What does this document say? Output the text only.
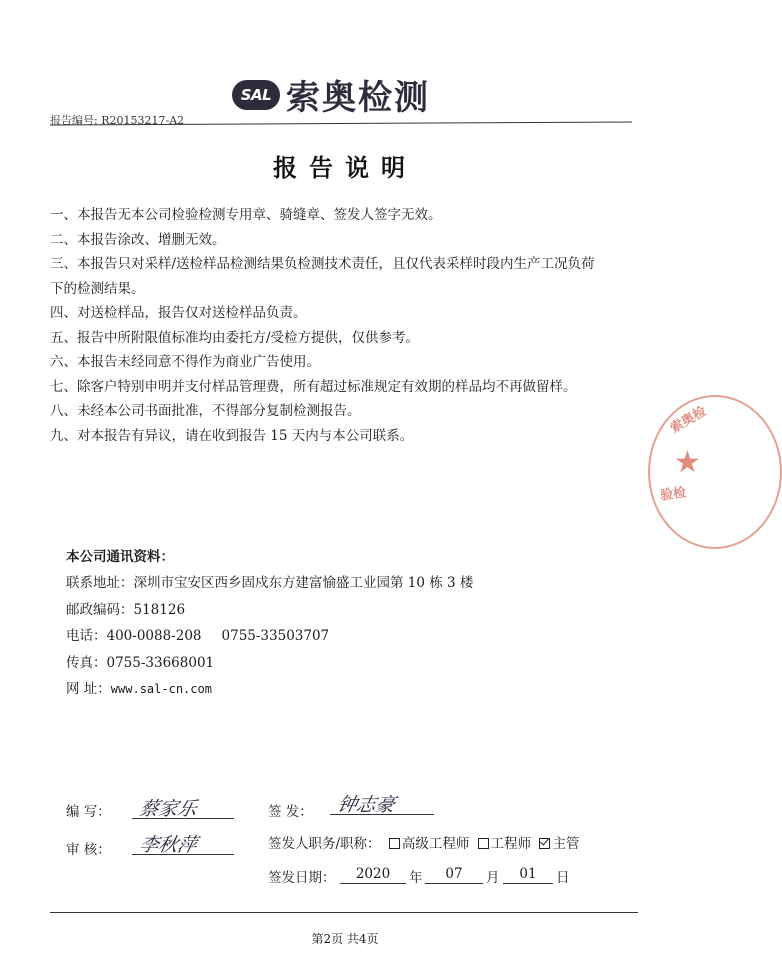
SAL 索奥检测
报告编号: R20153217-A2
报告说明
一、本报告无本公司检验检测专用章、骑缝章、签发人签字无效。
二、本报告涂改、增删无效。
三、本报告只对采样/送检样品检测结果负检测技术责任，且仅代表采样时段内生产工况负荷
下的检测结果。
四、对送检样品，报告仅对送检样品负责。
五、报告中所附限值标准均由委托方/受检方提供，仅供参考。
六、本报告未经同意不得作为商业广告使用。
七、除客户特别申明并支付样品管理费，所有超过标准规定有效期的样品均不再做留样。
八、未经本公司书面批准，不得部分复制检测报告。
九、对本报告有异议，请在收到报告 15 天内与本公司联系。	索奥检
★
验检
本公司通讯资料：
联系地址：深圳市宝安区西乡固戍东方建富愉盛工业园第 10 栋 3 楼
邮政编码：518126
电话：400-0088-208 0755-33503707
传真：0755-33668001
网 址：www.sal-cn.com
编 写： 蔡家乐	签 发： 钟志豪
审 核： 李秋萍	签发人职务/职称： 高级工程师 工程师 主管
签发日期：	2020	年	07	月	01	日
第2页 共4页
